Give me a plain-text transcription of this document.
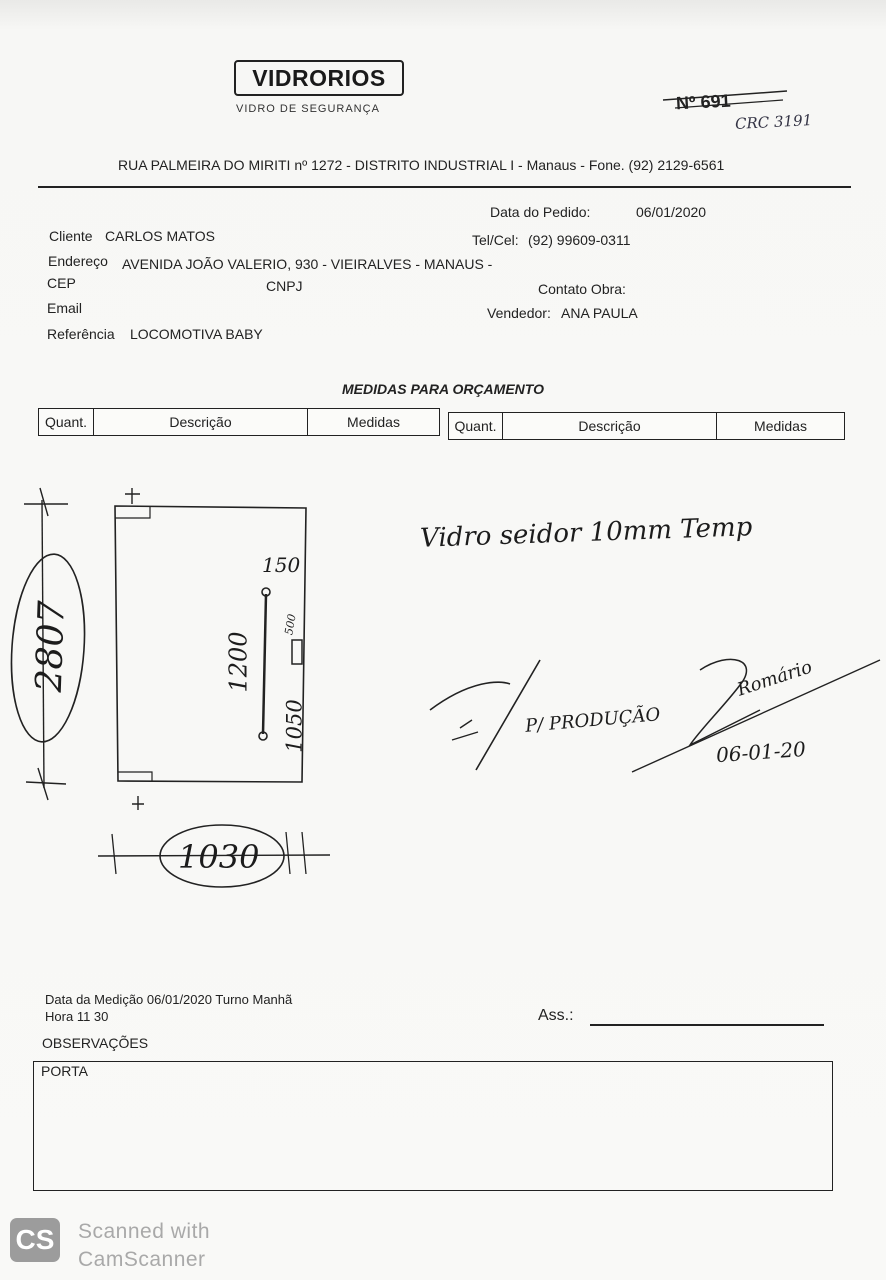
VIDRORIOS
VIDRO DE SEGURANÇA	Nº 691
CRC 3191
RUA PALMEIRA DO MIRITI nº 1272 - DISTRITO INDUSTRIAL I - Manaus - Fone. (92) 2129-6561
Data do Pedido:	06/01/2020
Cliente CARLOS MATOS	Tel/Cel: (92) 99609-0311
Endereço AVENIDA JOÃO VALERIO, 930 - VIEIRALVES - MANAUS -
CEP	CNPJ	Contato Obra:
Email	Vendedor: ANA PAULA
Referência LOCOMOTIVA BABY
MEDIDAS PARA ORÇAMENTO
Quant.	Descrição	Medidas	Quant.	Descrição	Medidas
2807
1030
150
1200
1050
500
Vidro seidor 10mm Temp
P/ PRODUÇÃO
Romário
06-01-20
Data da Medição 06/01/2020 Turno Manhã
Hora 11 30	Ass.:
OBSERVAÇÕES
PORTA
CS Scanned with
CamScanner
